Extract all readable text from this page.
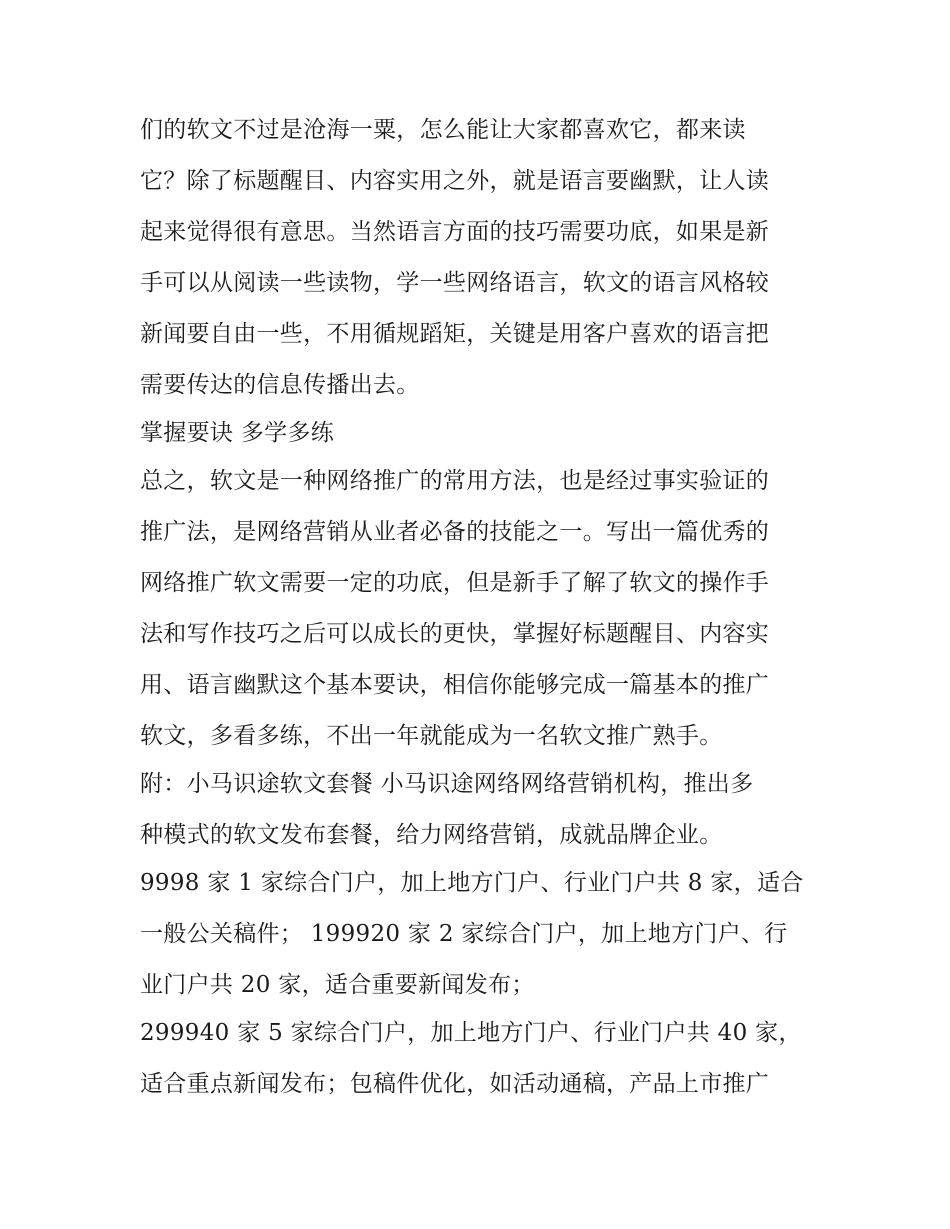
们的软文不过是沧海一粟，怎么能让大家都喜欢它，都来读
它？除了标题醒目、内容实用之外，就是语言要幽默，让人读
起来觉得很有意思。当然语言方面的技巧需要功底，如果是新
手可以从阅读一些读物，学一些网络语言，软文的语言风格较
新闻要自由一些，不用循规蹈矩，关键是用客户喜欢的语言把
需要传达的信息传播出去。
掌握要诀 多学多练
总之，软文是一种网络推广的常用方法，也是经过事实验证的
推广法，是网络营销从业者必备的技能之一。写出一篇优秀的
网络推广软文需要一定的功底，但是新手了解了软文的操作手
法和写作技巧之后可以成长的更快，掌握好标题醒目、内容实
用、语言幽默这个基本要诀，相信你能够完成一篇基本的推广
软文，多看多练，不出一年就能成为一名软文推广熟手。
附：小马识途软文套餐 小马识途网络网络营销机构，推出多
种模式的软文发布套餐，给力网络营销，成就品牌企业。
9998 家 1 家综合门户，加上地方门户、行业门户共 8 家，适合
一般公关稿件； 199920 家 2 家综合门户，加上地方门户、行
业门户共 20 家，适合重要新闻发布；
299940 家 5 家综合门户，加上地方门户、行业门户共 40 家，
适合重点新闻发布；包稿件优化，如活动通稿，产品上市推广
